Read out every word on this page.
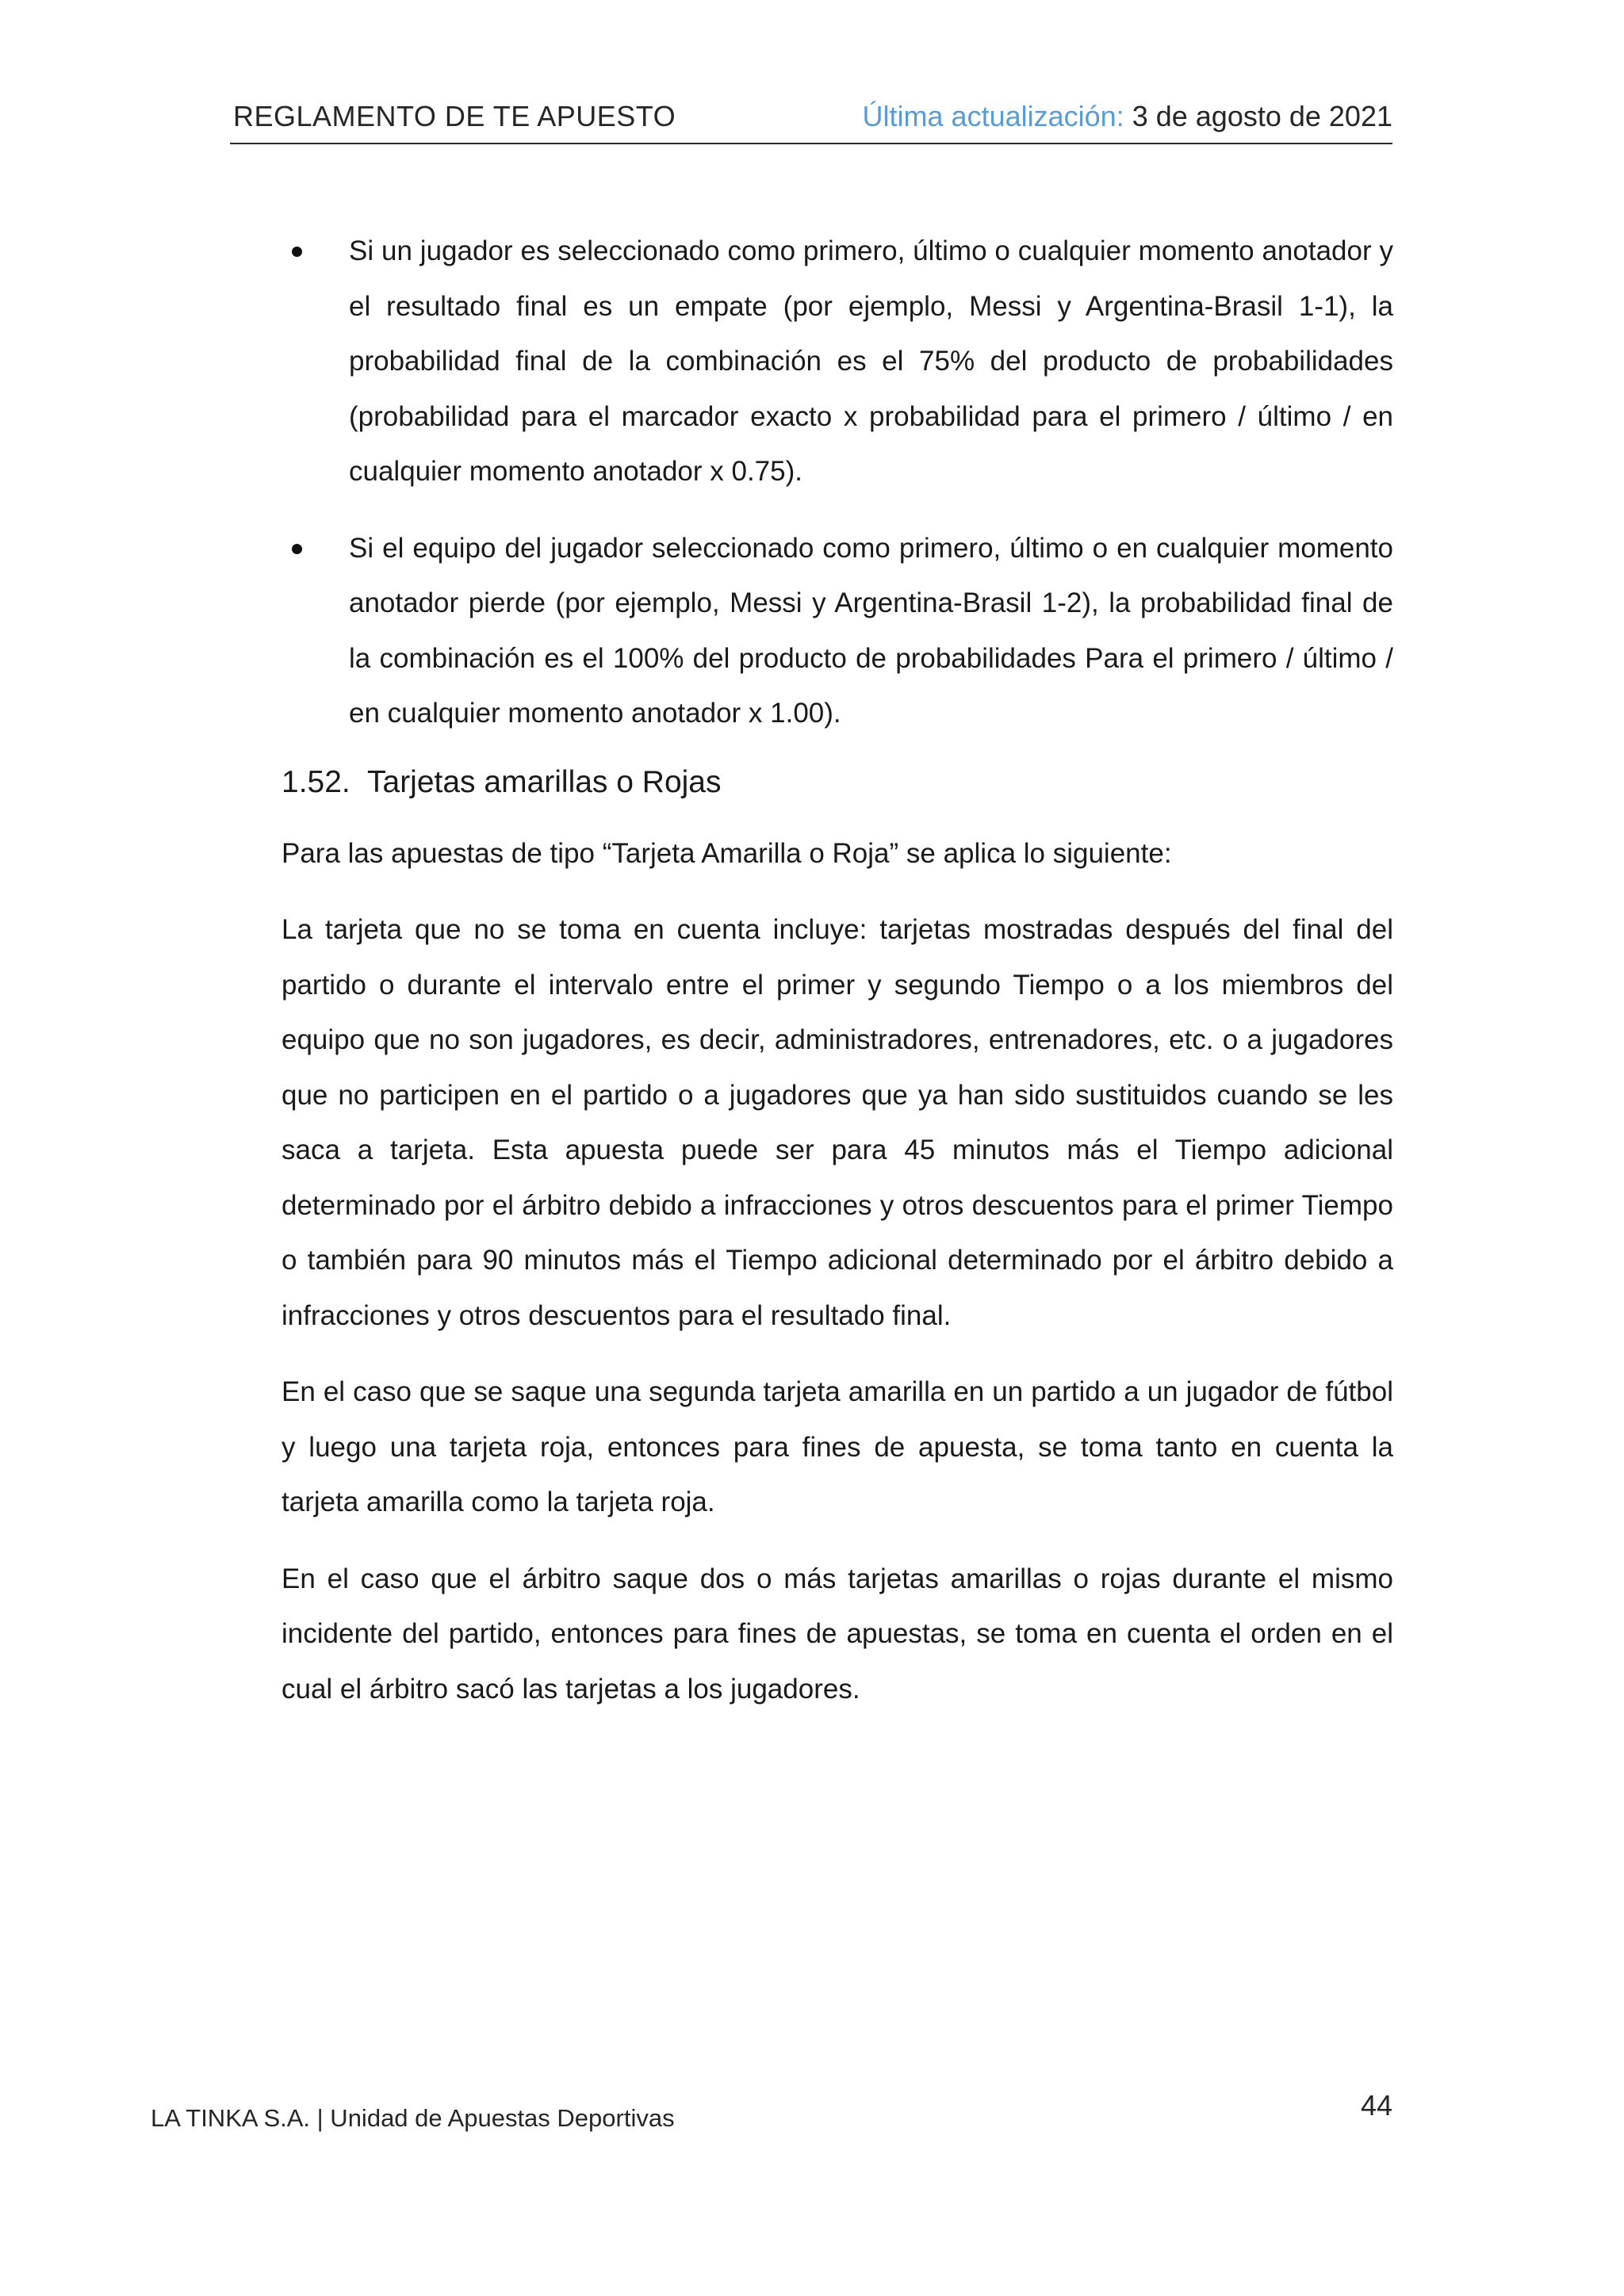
REGLAMENTO DE TE APUESTO	Última actualización: 3 de agosto de 2021

Si un jugador es seleccionado como primero, último o cualquier momento anotador y el resultado final es un empate (por ejemplo, Messi y Argentina-Brasil 1-1), la probabilidad final de la combinación es el 75% del producto de probabilidades (probabilidad para el marcador exacto x probabilidad para el primero / último / en cualquier momento anotador x 0.75).

Si el equipo del jugador seleccionado como primero, último o en cualquier momento anotador pierde (por ejemplo, Messi y Argentina-Brasil 1-2), la probabilidad final de la combinación es el 100% del producto de probabilidades Para el primero / último / en cualquier momento anotador x 1.00).

1.52. Tarjetas amarillas o Rojas

Para las apuestas de tipo “Tarjeta Amarilla o Roja” se aplica lo siguiente:

La tarjeta que no se toma en cuenta incluye: tarjetas mostradas después del final del partido o durante el intervalo entre el primer y segundo Tiempo o a los miembros del equipo que no son jugadores, es decir, administradores, entrenadores, etc. o a jugadores que no participen en el partido o a jugadores que ya han sido sustituidos cuando se les saca a tarjeta. Esta apuesta puede ser para 45 minutos más el Tiempo adicional determinado por el árbitro debido a infracciones y otros descuentos para el primer Tiempo o también para 90 minutos más el Tiempo adicional determinado por el árbitro debido a infracciones y otros descuentos para el resultado final.

En el caso que se saque una segunda tarjeta amarilla en un partido a un jugador de fútbol y luego una tarjeta roja, entonces para fines de apuesta, se toma tanto en cuenta la tarjeta amarilla como la tarjeta roja.

En el caso que el árbitro saque dos o más tarjetas amarillas o rojas durante el mismo incidente del partido, entonces para fines de apuestas, se toma en cuenta el orden en el cual el árbitro sacó las tarjetas a los jugadores.

LA TINKA S.A. | Unidad de Apuestas Deportivas	44
